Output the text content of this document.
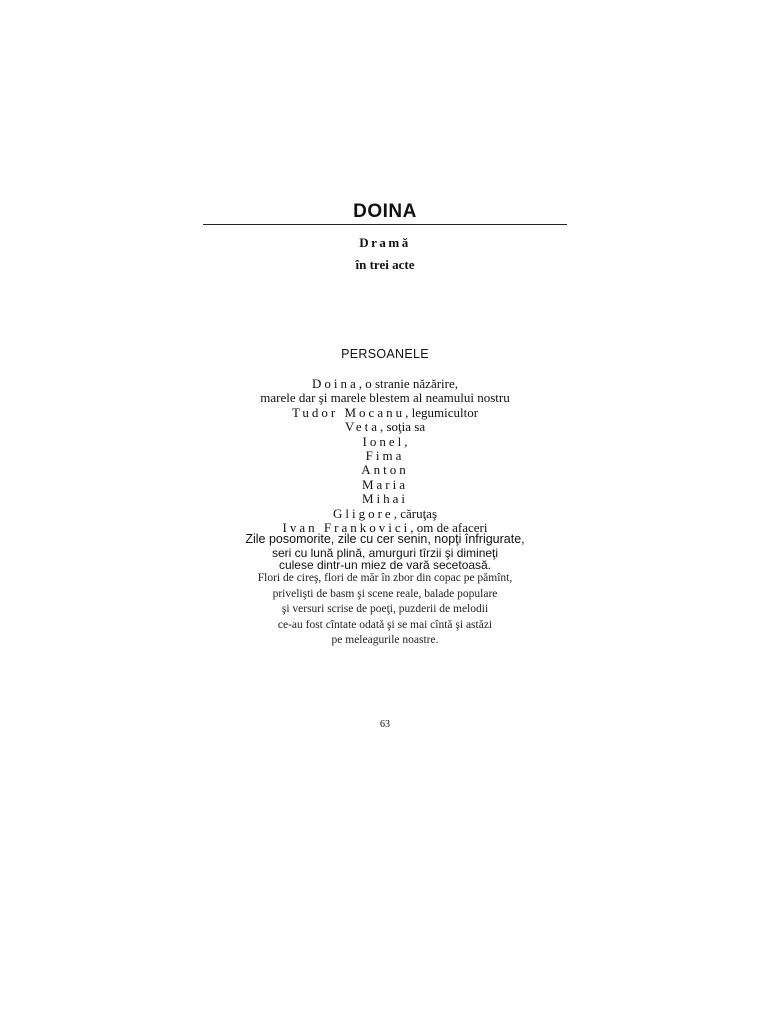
DOINA
Dramă
în trei acte
PERSOANELE
Doina, o stranie năzărire,
marele dar şi marele blestem al neamului nostru
Tudor Mocanu, legumicultor
Veta, soţia sa
Ionel,
Fima
Anton
Maria
Mihai
Gligore, căruţaş
Ivan Frankovici, om de afaceri
Zile posomorite, zile cu cer senin, nopţi înfrigurate,
seri cu lună plină, amurguri tîrzii şi dimineţi
culese dintr-un miez de vară secetoasă.
Flori de cireş, flori de măr în zbor din copac pe pămînt,
privelişti de basm şi scene reale, balade populare
şi versuri scrise de poeţi, puzderii de melodii
ce-au fost cîntate odată şi se mai cîntă şi astăzi
pe meleagurile noastre.
63
